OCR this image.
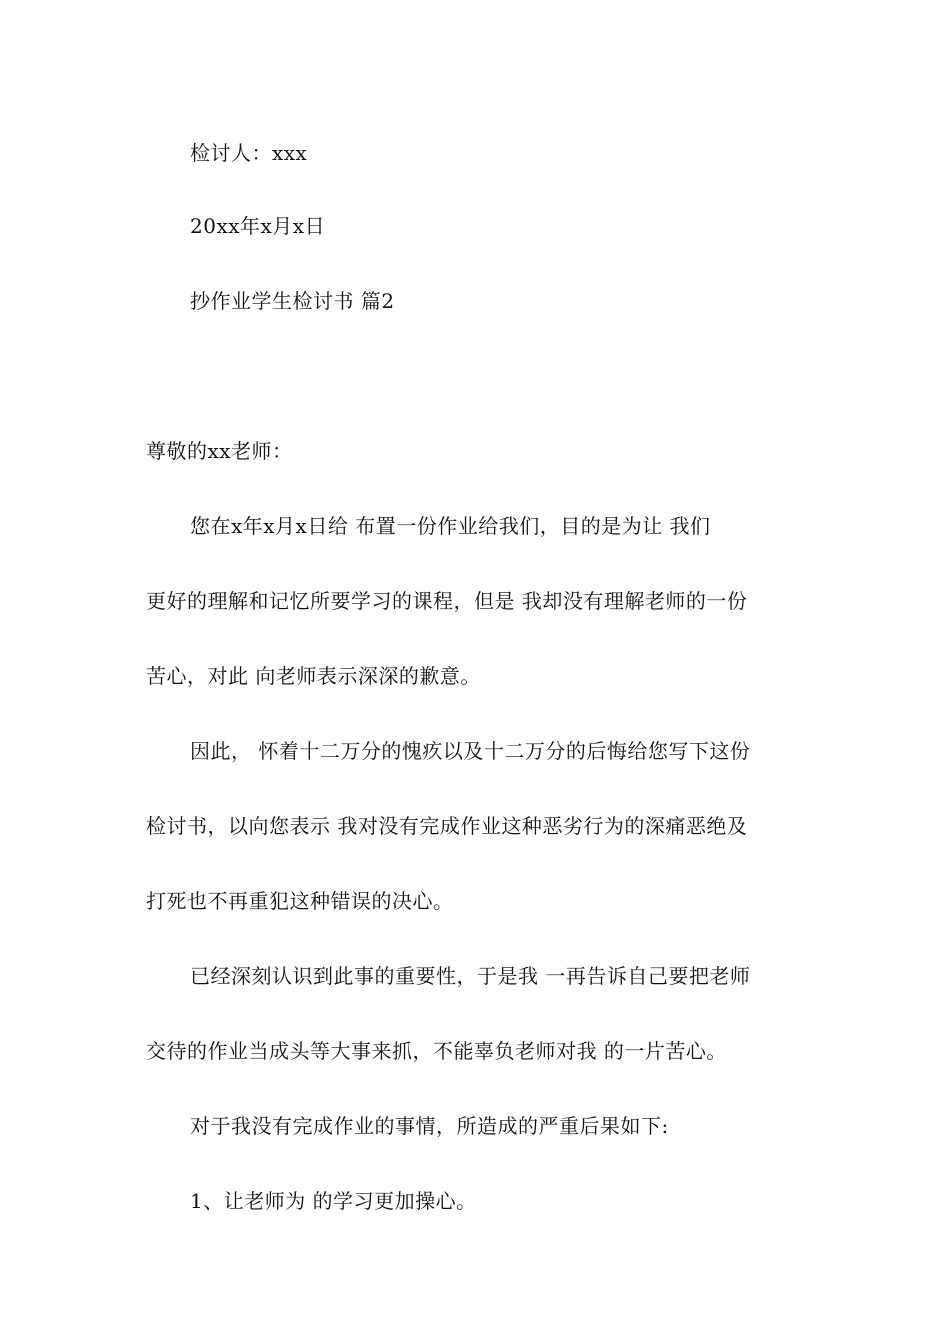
检讨人：xxx
20xx年x月x日
抄作业学生检讨书 篇2
尊敬的xx老师：
您在x年x月x日给 布置一份作业给我们，目的是为让 我们
更好的理解和记忆所要学习的课程，但是 我却没有理解老师的一份
苦心，对此 向老师表示深深的歉意。
因此， 怀着十二万分的愧疚以及十二万分的后悔给您写下这份
检讨书，以向您表示 我对没有完成作业这种恶劣行为的深痛恶绝及
打死也不再重犯这种错误的决心。
已经深刻认识到此事的重要性，于是我 一再告诉自己要把老师
交待的作业当成头等大事来抓，不能辜负老师对我 的一片苦心。
对于我没有完成作业的事情，所造成的严重后果如下:
1、让老师为 的学习更加操心。
